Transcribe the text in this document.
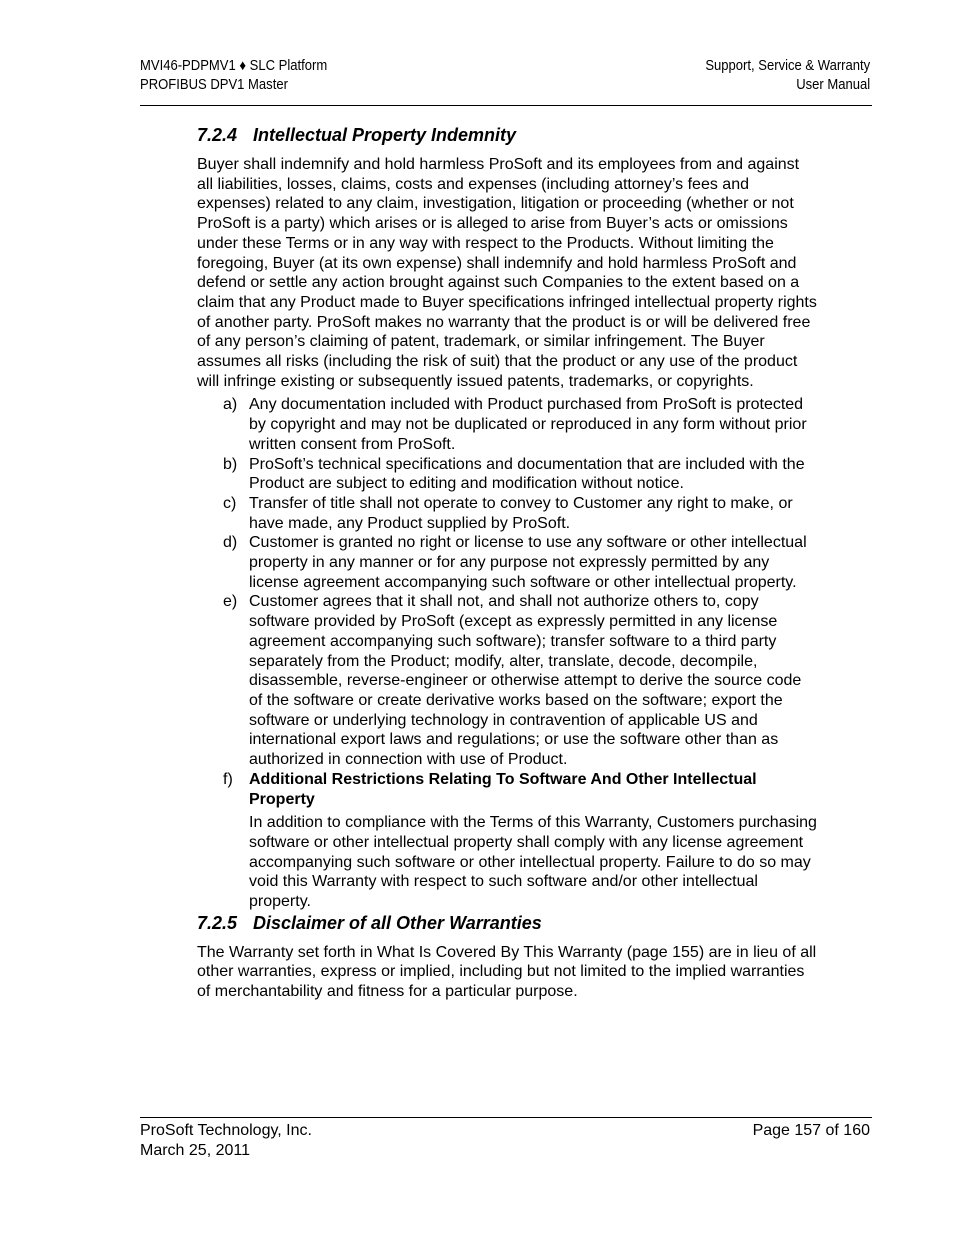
MVI46-PDPMV1 ♦ SLC Platform
PROFIBUS DPV1 Master
Support, Service & Warranty
User Manual
7.2.4 Intellectual Property Indemnity

Buyer shall indemnify and hold harmless ProSoft and its employees from and against all liabilities, losses, claims, costs and expenses (including attorney’s fees and expenses) related to any claim, investigation, litigation or proceeding (whether or not ProSoft is a party) which arises or is alleged to arise from Buyer’s acts or omissions under these Terms or in any way with respect to the Products. Without limiting the foregoing, Buyer (at its own expense) shall indemnify and hold harmless ProSoft and defend or settle any action brought against such Companies to the extent based on a claim that any Product made to Buyer specifications infringed intellectual property rights of another party. ProSoft makes no warranty that the product is or will be delivered free of any person’s claiming of patent, trademark, or similar infringement. The Buyer assumes all risks (including the risk of suit) that the product or any use of the product will infringe existing or subsequently issued patents, trademarks, or copyrights.

a) Any documentation included with Product purchased from ProSoft is protected by copyright and may not be duplicated or reproduced in any form without prior written consent from ProSoft.
b) ProSoft’s technical specifications and documentation that are included with the Product are subject to editing and modification without notice.
c) Transfer of title shall not operate to convey to Customer any right to make, or have made, any Product supplied by ProSoft.
d) Customer is granted no right or license to use any software or other intellectual property in any manner or for any purpose not expressly permitted by any license agreement accompanying such software or other intellectual property.
e) Customer agrees that it shall not, and shall not authorize others to, copy software provided by ProSoft (except as expressly permitted in any license agreement accompanying such software); transfer software to a third party separately from the Product; modify, alter, translate, decode, decompile, disassemble, reverse-engineer or otherwise attempt to derive the source code of the software or create derivative works based on the software; export the software or underlying technology in contravention of applicable US and international export laws and regulations; or use the software other than as authorized in connection with use of Product.
f) Additional Restrictions Relating To Software And Other Intellectual Property

In addition to compliance with the Terms of this Warranty, Customers purchasing software or other intellectual property shall comply with any license agreement accompanying such software or other intellectual property. Failure to do so may void this Warranty with respect to such software and/or other intellectual property.

7.2.5 Disclaimer of all Other Warranties

The Warranty set forth in What Is Covered By This Warranty (page 155) are in lieu of all other warranties, express or implied, including but not limited to the implied warranties of merchantability and fitness for a particular purpose.

ProSoft Technology, Inc.
March 25, 2011
Page 157 of 160
